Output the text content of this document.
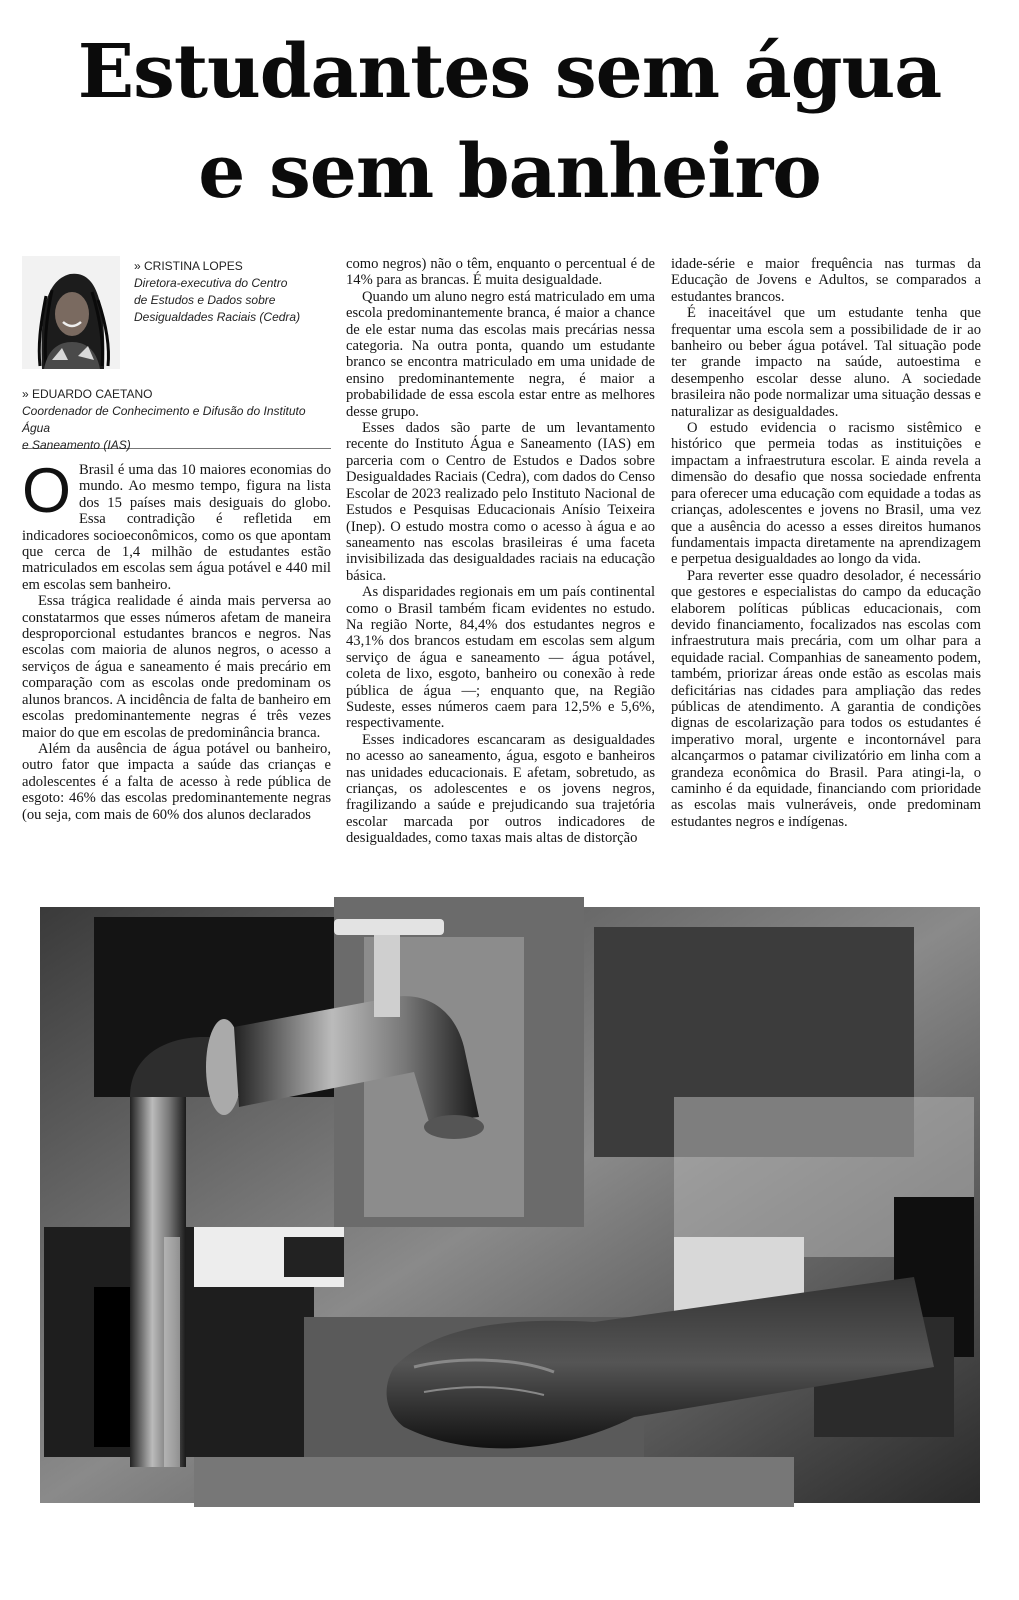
Estudantes sem água
e sem banheiro
» CRISTINA LOPES
Diretora-executiva do Centro
de Estudos e Dados sobre
Desigualdades Raciais (Cedra)
» EDUARDO CAETANO
Coordenador de Conhecimento e Difusão do Instituto Água
e Saneamento (IAS)
O Brasil é uma das 10 maiores economias do mundo. Ao mesmo tempo, figura na lista dos 15 países mais desiguais do globo. Essa contradição é refletida em indicadores socioeconômicos, como os que apontam que cerca de 1,4 milhão de estudantes estão matriculados em escolas sem água potável e 440 mil em escolas sem banheiro.

Essa trágica realidade é ainda mais perversa ao constatarmos que esses números afetam de maneira desproporcional estudantes brancos e negros. Nas escolas com maioria de alunos negros, o acesso a serviços de água e saneamento é mais precário em comparação com as escolas onde predominam os alunos brancos. A incidência de falta de banheiro em escolas predominantemente negras é três vezes maior do que em escolas de predominância branca.

Além da ausência de água potável ou banheiro, outro fator que impacta a saúde das crianças e adolescentes é a falta de acesso à rede pública de esgoto: 46% das escolas predominantemente negras (ou seja, com mais de 60% dos alunos declarados

como negros) não o têm, enquanto o percentual é de 14% para as brancas. É muita desigualdade.

Quando um aluno negro está matriculado em uma escola predominantemente branca, é maior a chance de ele estar numa das escolas mais precárias nessa categoria. Na outra ponta, quando um estudante branco se encontra matriculado em uma unidade de ensino predominantemente negra, é maior a probabilidade de essa escola estar entre as melhores desse grupo.

Esses dados são parte de um levantamento recente do Instituto Água e Saneamento (IAS) em parceria com o Centro de Estudos e Dados sobre Desigualdades Raciais (Cedra), com dados do Censo Escolar de 2023 realizado pelo Instituto Nacional de Estudos e Pesquisas Educacionais Anísio Teixeira (Inep). O estudo mostra como o acesso à água e ao saneamento nas escolas brasileiras é uma faceta invisibilizada das desigualdades raciais na educação básica.

As disparidades regionais em um país continental como o Brasil também ficam evidentes no estudo. Na região Norte, 84,4% dos estudantes negros e 43,1% dos brancos estudam em escolas sem algum serviço de água e saneamento — água potável, coleta de lixo, esgoto, banheiro ou conexão à rede pública de água —; enquanto que, na Região Sudeste, esses números caem para 12,5% e 5,6%, respectivamente.

Esses indicadores escancaram as desigualdades no acesso ao saneamento, água, esgoto e banheiros nas unidades educacionais. E afetam, sobretudo, as crianças, os adolescentes e os jovens negros, fragilizando a saúde e prejudicando sua trajetória escolar marcada por outros indicadores de desigualdades, como taxas mais altas de distorção

idade-série e maior frequência nas turmas da Educação de Jovens e Adultos, se comparados a estudantes brancos.

É inaceitável que um estudante tenha que frequentar uma escola sem a possibilidade de ir ao banheiro ou beber água potável. Tal situação pode ter grande impacto na saúde, autoestima e desempenho escolar desse aluno. A sociedade brasileira não pode normalizar uma situação dessas e naturalizar as desigualdades.

O estudo evidencia o racismo sistêmico e histórico que permeia todas as instituições e impactam a infraestrutura escolar. E ainda revela a dimensão do desafio que nossa sociedade enfrenta para oferecer uma educação com equidade a todas as crianças, adolescentes e jovens no Brasil, uma vez que a ausência do acesso a esses direitos humanos fundamentais impacta diretamente na aprendizagem e perpetua desigualdades ao longo da vida.

Para reverter esse quadro desolador, é necessário que gestores e especialistas do campo da educação elaborem políticas públicas educacionais, com devido financiamento, focalizados nas escolas com infraestrutura mais precária, com um olhar para a equidade racial. Companhias de saneamento podem, também, priorizar áreas onde estão as escolas mais deficitárias nas cidades para ampliação das redes públicas de atendimento. A garantia de condições dignas de escolarização para todos os estudantes é imperativo moral, urgente e incontornável para alcançarmos o patamar civilizatório em linha com a grandeza econômica do Brasil. Para atingi-la, o caminho é da equidade, financiando com prioridade as escolas mais vulneráveis, onde predominam estudantes negros e indígenas.
